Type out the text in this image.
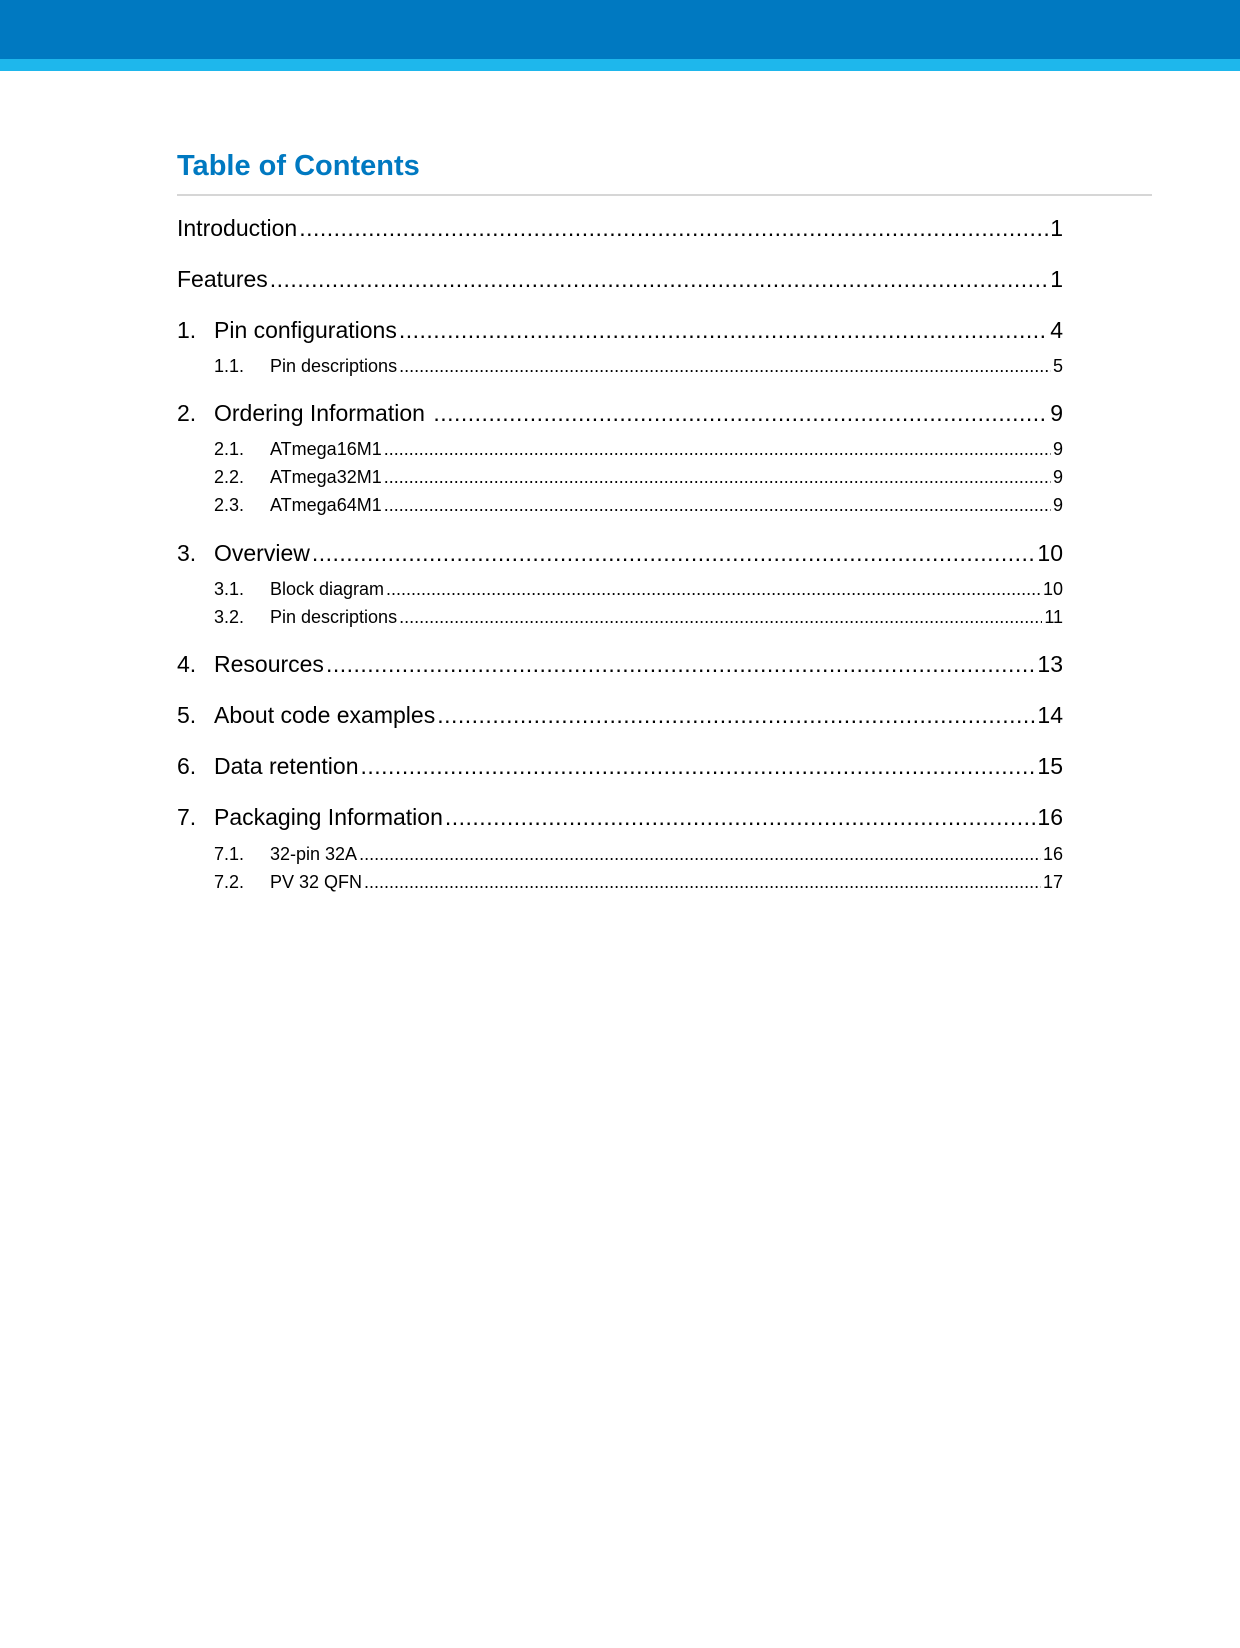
Table of Contents
Introduction .....	1
Features .....	1
1. Pin configurations .....	4
1.1.	Pin descriptions .....	5
2. Ordering Information .....	9
2.1.	ATmega16M1 .....	9
2.2.	ATmega32M1 .....	9
2.3.	ATmega64M1 .....	9
3. Overview .....	10
3.1.	Block diagram .....	10
3.2.	Pin descriptions .....	11
4. Resources .....	13
5. About code examples .....	14
6. Data retention .....	15
7. Packaging Information .....	16
7.1.	32-pin 32A .....	16
7.2.	PV 32 QFN .....	17
